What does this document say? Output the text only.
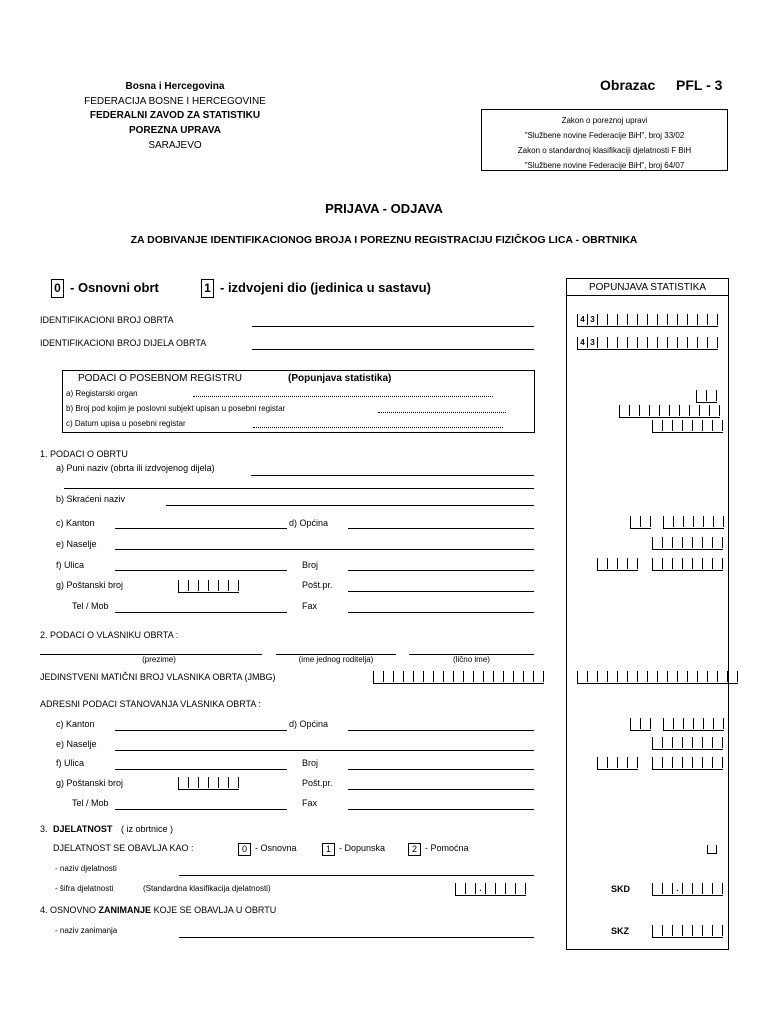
Bosna i Hercegovina
FEDERACIJA BOSNE I HERCEGOVINE
FEDERALNI ZAVOD ZA STATISTIKU
POREZNA UPRAVA
SARAJEVO
Obrazac PFL - 3
Zakon o poreznoj upravi
"Službene novine Federacije BiH", broj 33/02
Zakon o standardnoj klasifikaciji djelatnosti F BiH
"Službene novine Federacije BiH", broj 64/07
PRIJAVA - ODJAVA
ZA DOBIVANJE IDENTIFIKACIONOG BROJA I POREZNU REGISTRACIJU FIZIČKOG LICA - OBRTNIKA
0 - Osnovni obrt	1 - izdvojeni dio (jedinica u sastavu)	POPUNJAVA STATISTIKA
IDENTIFIKACIONI BROJ OBRTA
IDENTIFIKACIONI BROJ DIJELA OBRTA
4 3
4 3
PODACI O POSEBNOM REGISTRU	(Popunjava statistika)
a) Registarski organ
b) Broj pod kojim je poslovni subjekt upisan u posebni registar
c) Datum upisa u posebni registar
1. PODACI O OBRTU
a) Puni naziv (obrta ili izdvojenog dijela)
b) Skraćeni naziv
c) Kanton	d) Općina
e) Naselje
f) Ulica	Broj
g) Poštanski broj	Pošt.pr.
Tel / Mob	Fax
2. PODACI O VLASNIKU OBRTA :
(prezime)	(ime jednog roditelja)	(lično ime)
JEDINSTVENI MATIČNI BROJ VLASNIKA OBRTA (JMBG)
ADRESNI PODACI STANOVANJA VLASNIKA OBRTA :
c) Kanton	d) Općina
e) Naselje
f) Ulica	Broj
g) Poštanski broj	Pošt.pr.
Tel / Mob	Fax
3. DJELATNOST ( iz obrtnice )
DJELATNOST SE OBAVLJA KAO :	0 - Osnovna	1 - Dopunska	2 - Pomoćna
- naziv djelatnosti
- šifra djelatnosti	(Standardna klasifikacija djelatnosti)	.	SKD	.
4. OSNOVNO ZANIMANJE KOJE SE OBAVLJA U OBRTU
- naziv zanimanja	SKZ
